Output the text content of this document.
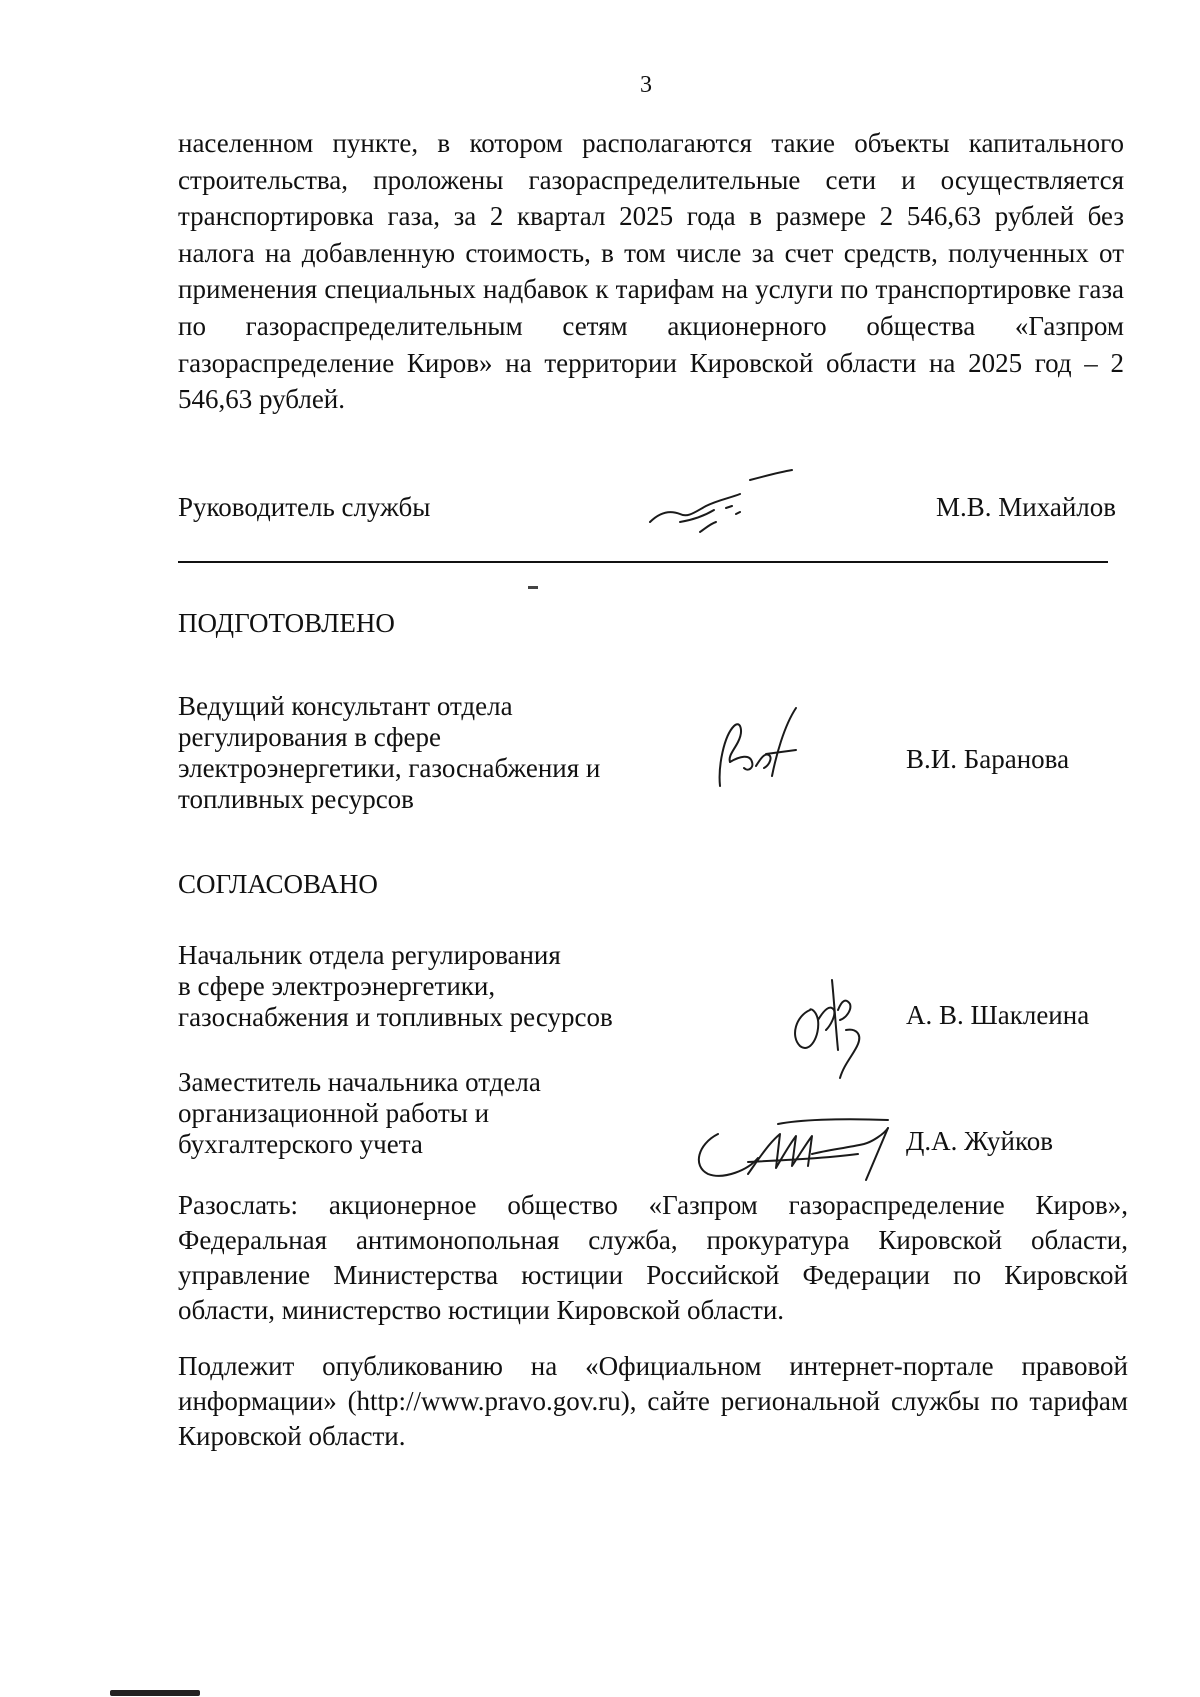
3

населенном пункте, в котором располагаются такие объекты капитального строительства, проложены газораспределительные сети и осуществляется транспортировка газа, за 2 квартал 2025 года в размере 2 546,63 рублей без налога на добавленную стоимость, в том числе за счет средств, полученных от применения специальных надбавок к тарифам на услуги по транспортировке газа по газораспределительным сетям акционерного общества «Газпром газораспределение Киров» на территории Кировской области на 2025 год – 2 546,63 рублей.

Руководитель службы	М.В. Михайлов
ПОДГОТОВЛЕНО
Ведущий консультант отдела
регулирования в сфере
электроэнергетики, газоснабжения и
топливных ресурсов
В.И. Баранова
СОГЛАСОВАНО
Начальник отдела регулирования
в сфере электроэнергетики,
газоснабжения и топливных ресурсов	А. В. Шаклеина
Заместитель начальника отдела
организационной работы и
бухгалтерского учета	Д.А. Жуйков

Разослать: акционерное общество «Газпром газораспределение Киров», Федеральная антимонопольная служба, прокуратура Кировской области, управление Министерства юстиции Российской Федерации по Кировской области, министерство юстиции Кировской области.

Подлежит опубликованию на «Официальном интернет-портале правовой информации» (http://www.pravo.gov.ru), сайте региональной службы по тарифам Кировской области.
